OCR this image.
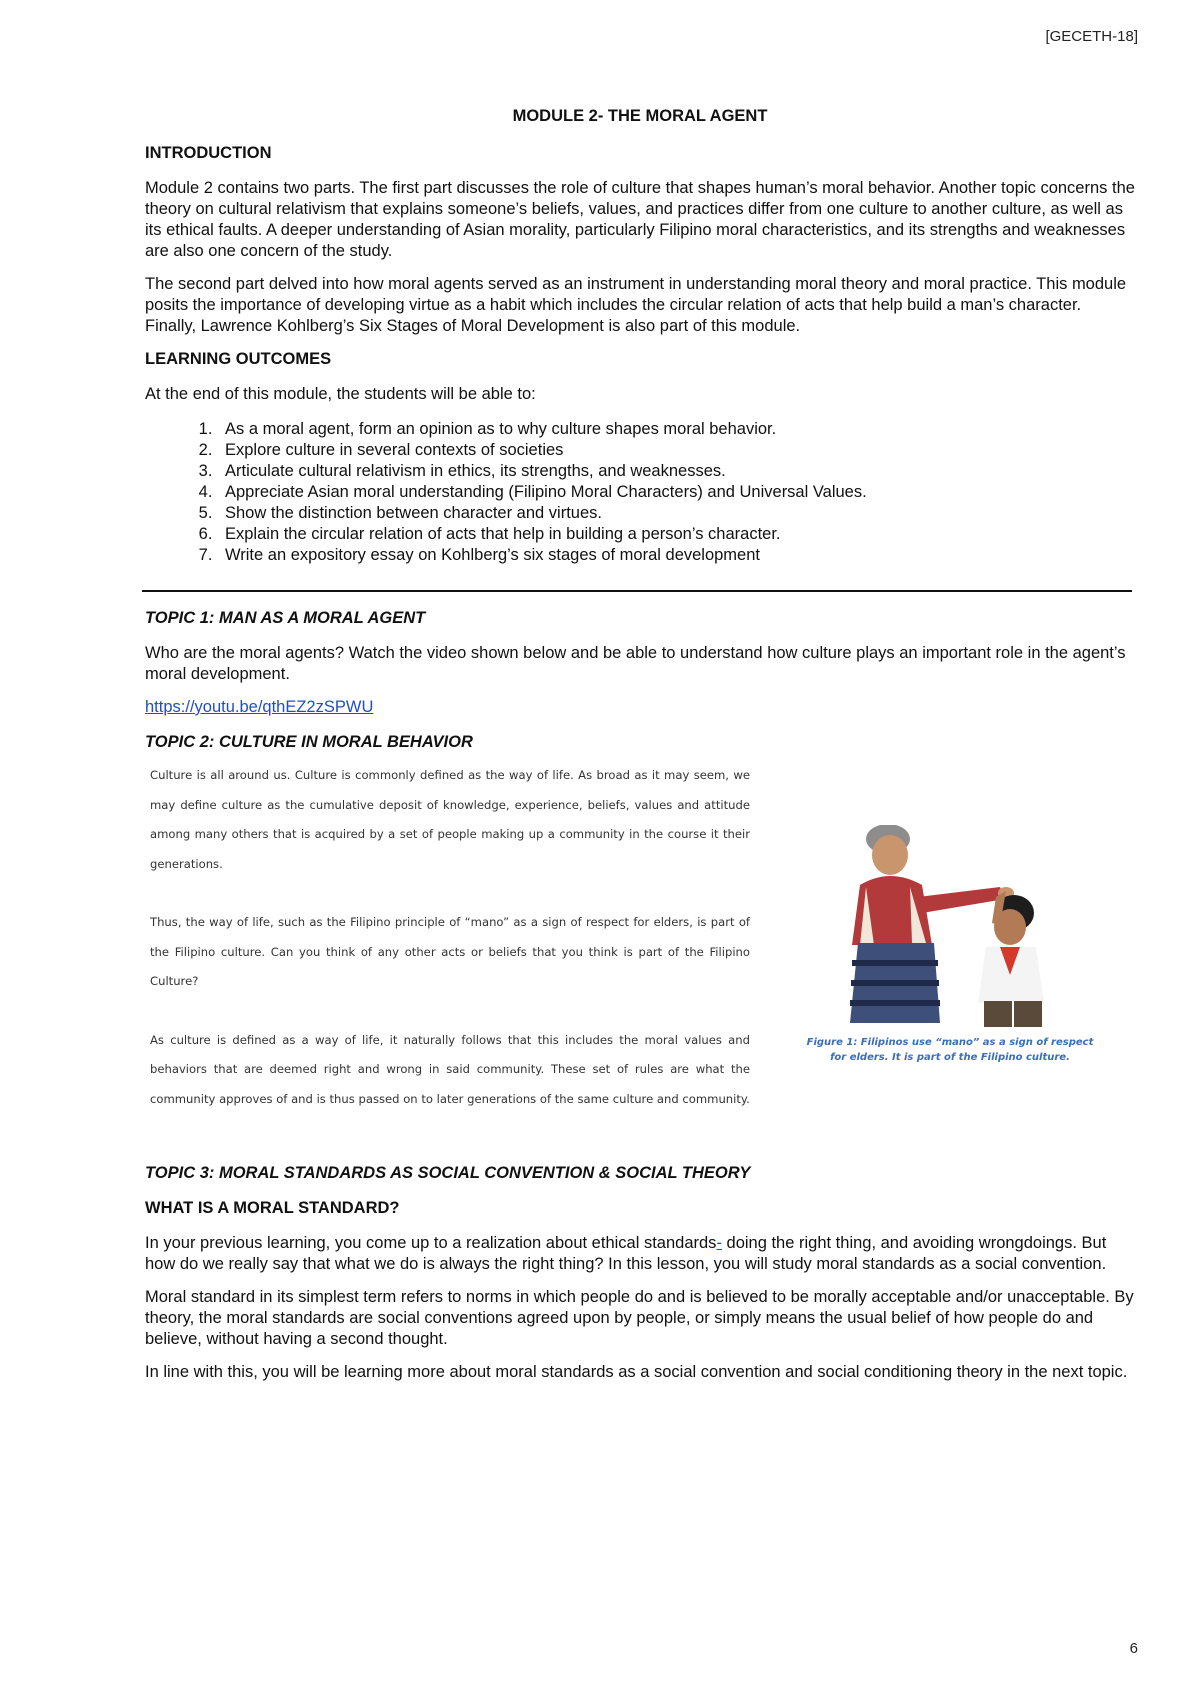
[GECETH-18]
MODULE 2- THE MORAL AGENT
INTRODUCTION

Module 2 contains two parts. The first part discusses the role of culture that shapes human’s moral behavior. Another topic concerns the theory on cultural relativism that explains someone’s beliefs, values, and practices differ from one culture to another culture, as well as its ethical faults. A deeper understanding of Asian morality, particularly Filipino moral characteristics, and its strengths and weaknesses are also one concern of the study.

The second part delved into how moral agents served as an instrument in understanding moral theory and moral practice. This module posits the importance of developing virtue as a habit which includes the circular relation of acts that help build a man’s character. Finally, Lawrence Kohlberg’s Six Stages of Moral Development is also part of this module.

LEARNING OUTCOMES

At the end of this module, the students will be able to:

1. As a moral agent, form an opinion as to why culture shapes moral behavior.
2. Explore culture in several contexts of societies
3. Articulate cultural relativism in ethics, its strengths, and weaknesses.
4. Appreciate Asian moral understanding (Filipino Moral Characters) and Universal Values.
5. Show the distinction between character and virtues.
6. Explain the circular relation of acts that help in building a person’s character.
7. Write an expository essay on Kohlberg’s six stages of moral development
TOPIC 1: MAN AS A MORAL AGENT

Who are the moral agents? Watch the video shown below and be able to understand how culture plays an important role in the agent’s moral development.

https://youtu.be/qthEZ2zSPWU
TOPIC 2: CULTURE IN MORAL BEHAVIOR

Culture is all around us. Culture is commonly defined as the way of life. As broad as it may seem, we may define culture as the cumulative deposit of knowledge, experience, beliefs, values and attitude among many others that is acquired by a set of people making up a community in the course it their generations.

Thus, the way of life, such as the Filipino principle of “mano” as a sign of respect for elders, is part of the Filipino culture. Can you think of any other acts or beliefs that you think is part of the Filipino Culture?

As culture is defined as a way of life, it naturally follows that this includes the moral values and behaviors that are deemed right and wrong in said community. These set of rules are what the community approves of and is thus passed on to later generations of the same culture and community.

Figure 1: Filipinos use “mano” as a sign of respect for elders. It is part of the Filipino culture.
TOPIC 3: MORAL STANDARDS AS SOCIAL CONVENTION & SOCIAL THEORY
WHAT IS A MORAL STANDARD?

In your previous learning, you come up to a realization about ethical standards- doing the right thing, and avoiding wrongdoings. But how do we really say that what we do is always the right thing? In this lesson, you will study moral standards as a social convention.

Moral standard in its simplest term refers to norms in which people do and is believed to be morally acceptable and/or unacceptable. By theory, the moral standards are social conventions agreed upon by people, or simply means the usual belief of how people do and believe, without having a second thought.

In line with this, you will be learning more about moral standards as a social convention and social conditioning theory in the next topic.

6
